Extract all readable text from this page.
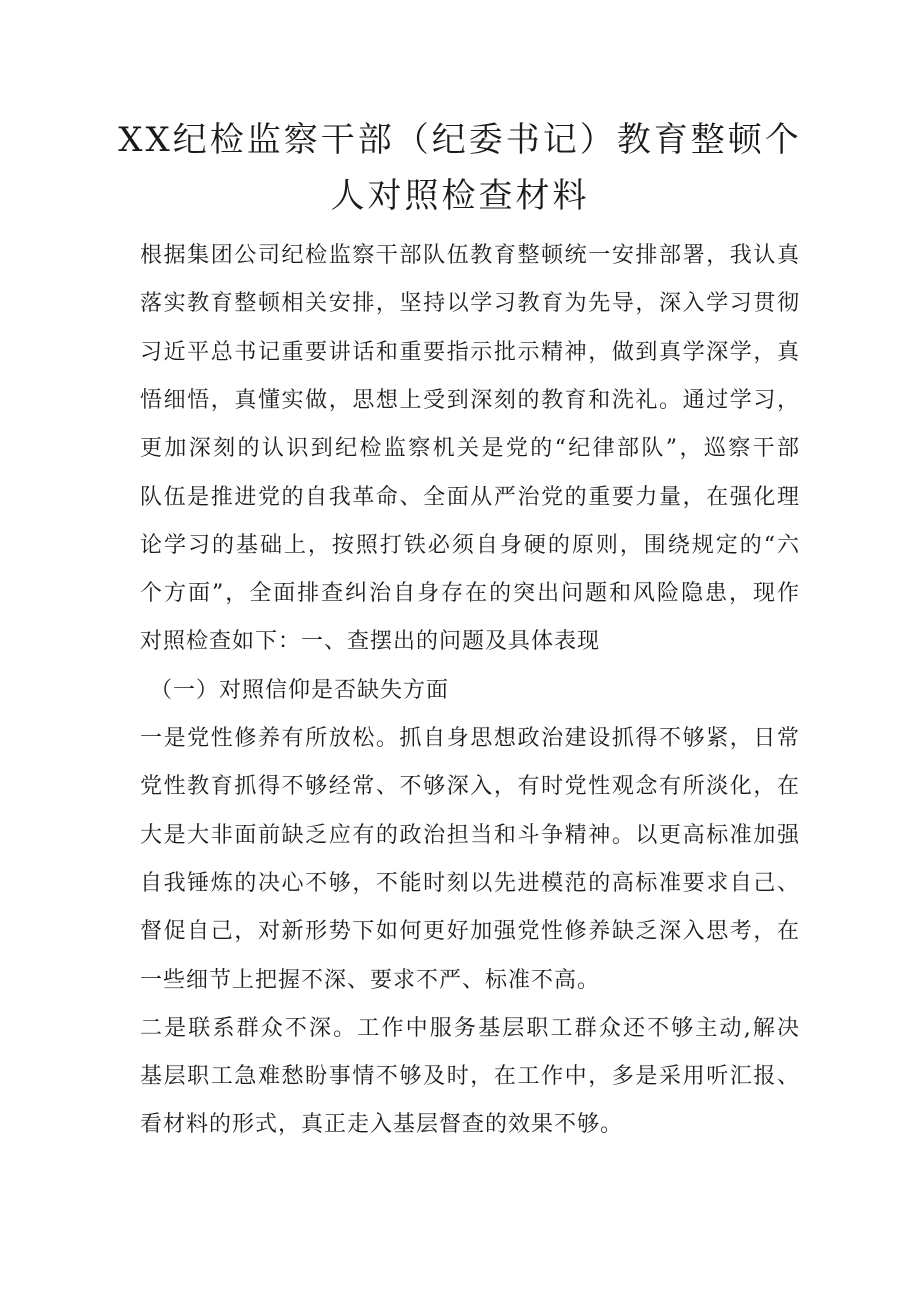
XX纪检监察干部（纪委书记）教育整顿个
人对照检查材料
根据集团公司纪检监察干部队伍教育整顿统一安排部署，我认真
落实教育整顿相关安排，坚持以学习教育为先导，深入学习贯彻
习近平总书记重要讲话和重要指示批示精神，做到真学深学，真
悟细悟，真懂实做，思想上受到深刻的教育和洗礼。通过学习，
更加深刻的认识到纪检监察机关是党的“纪律部队”，巡察干部
队伍是推进党的自我革命、全面从严治党的重要力量，在强化理
论学习的基础上，按照打铁必须自身硬的原则，围绕规定的“六
个方面”，全面排查纠治自身存在的突出问题和风险隐患，现作
对照检查如下：一、查摆出的问题及具体表现
（一）对照信仰是否缺失方面
一是党性修养有所放松。抓自身思想政治建设抓得不够紧，日常
党性教育抓得不够经常、不够深入，有时党性观念有所淡化，在
大是大非面前缺乏应有的政治担当和斗争精神。以更高标准加强
自我锤炼的决心不够，不能时刻以先进模范的高标准要求自己、
督促自己，对新形势下如何更好加强党性修养缺乏深入思考，在
一些细节上把握不深、要求不严、标准不高。
二是联系群众不深。工作中服务基层职工群众还不够主动,解决
基层职工急难愁盼事情不够及时，在工作中，多是采用听汇报、
看材料的形式，真正走入基层督查的效果不够。
